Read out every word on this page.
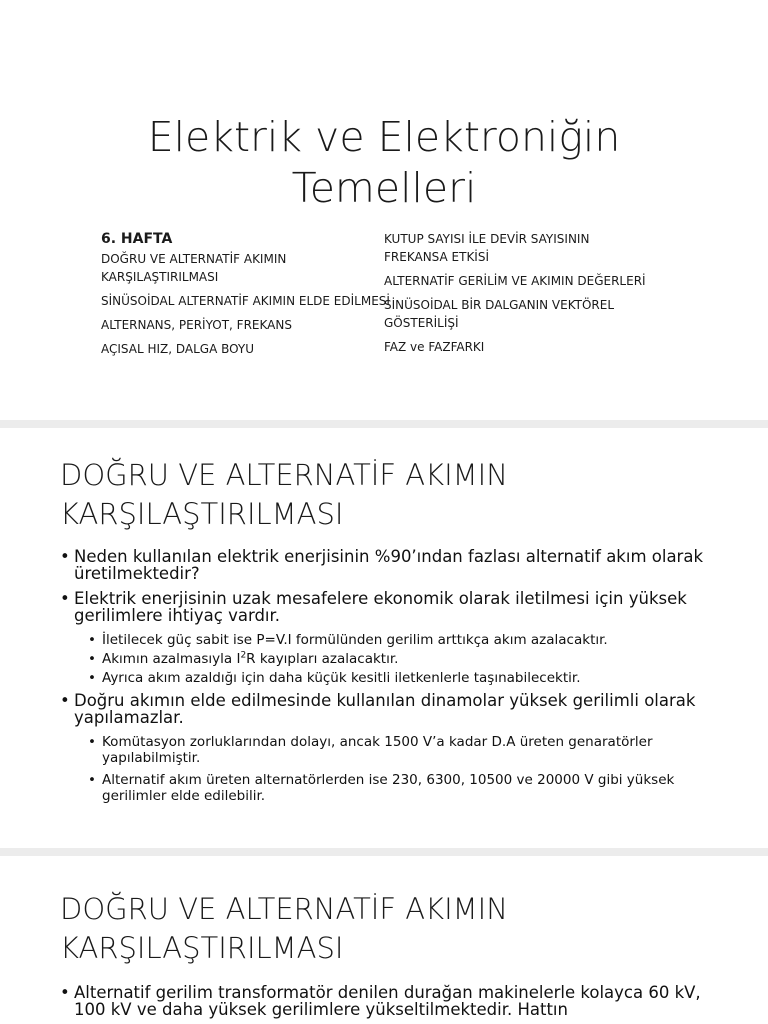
Elektrik ve Elektroniğin
Temelleri
6. HAFTA
DOĞRU VE ALTERNATİF AKIMIN KARŞILAŞTIRILMASI
SİNÜSOİDAL ALTERNATİF AKIMIN ELDE EDİLMESİ
ALTERNANS, PERİYOT, FREKANS
AÇISAL HIZ, DALGA BOYU
KUTUP SAYISI İLE DEVİR SAYISININ FREKANSA ETKİSİ
ALTERNATİF GERİLİM VE AKIMIN DEĞERLERİ
SİNÜSOİDAL BİR DALGANIN VEKTÖREL GÖSTERİLİŞİ
FAZ ve FAZFARKI
DOĞRU VE ALTERNATİF AKIMIN
KARŞILAŞTIRILMASI
• Neden kullanılan elektrik enerjisinin %90’ından fazlası alternatif akım olarak üretilmektedir?
• Elektrik enerjisinin uzak mesafelere ekonomik olarak iletilmesi için yüksek gerilimlere ihtiyaç vardır.
• İletilecek güç sabit ise P=V.I formülünden gerilim arttıkça akım azalacaktır.
• Akımın azalmasıyla $I^2R$ kayıpları azalacaktır.
• Ayrıca akım azaldığı için daha küçük kesitli iletkenlerle taşınabilecektir.
• Doğru akımın elde edilmesinde kullanılan dinamolar yüksek gerilimli olarak yapılamazlar.
• Komütasyon zorluklarından dolayı, ancak 1500 V’a kadar D.A üreten genaratörler yapılabilmiştir.
• Alternatif akım üreten alternatörlerden ise 230, 6300, 10500 ve 20000 V gibi yüksek gerilimler elde edilebilir.
DOĞRU VE ALTERNATİF AKIMIN
KARŞILAŞTIRILMASI
• Alternatif gerilim transformatör denilen durağan makinelerle kolayca 60 kV, 100 kV ve daha yüksek gerilimlere yükseltilmektedir. Hattın
